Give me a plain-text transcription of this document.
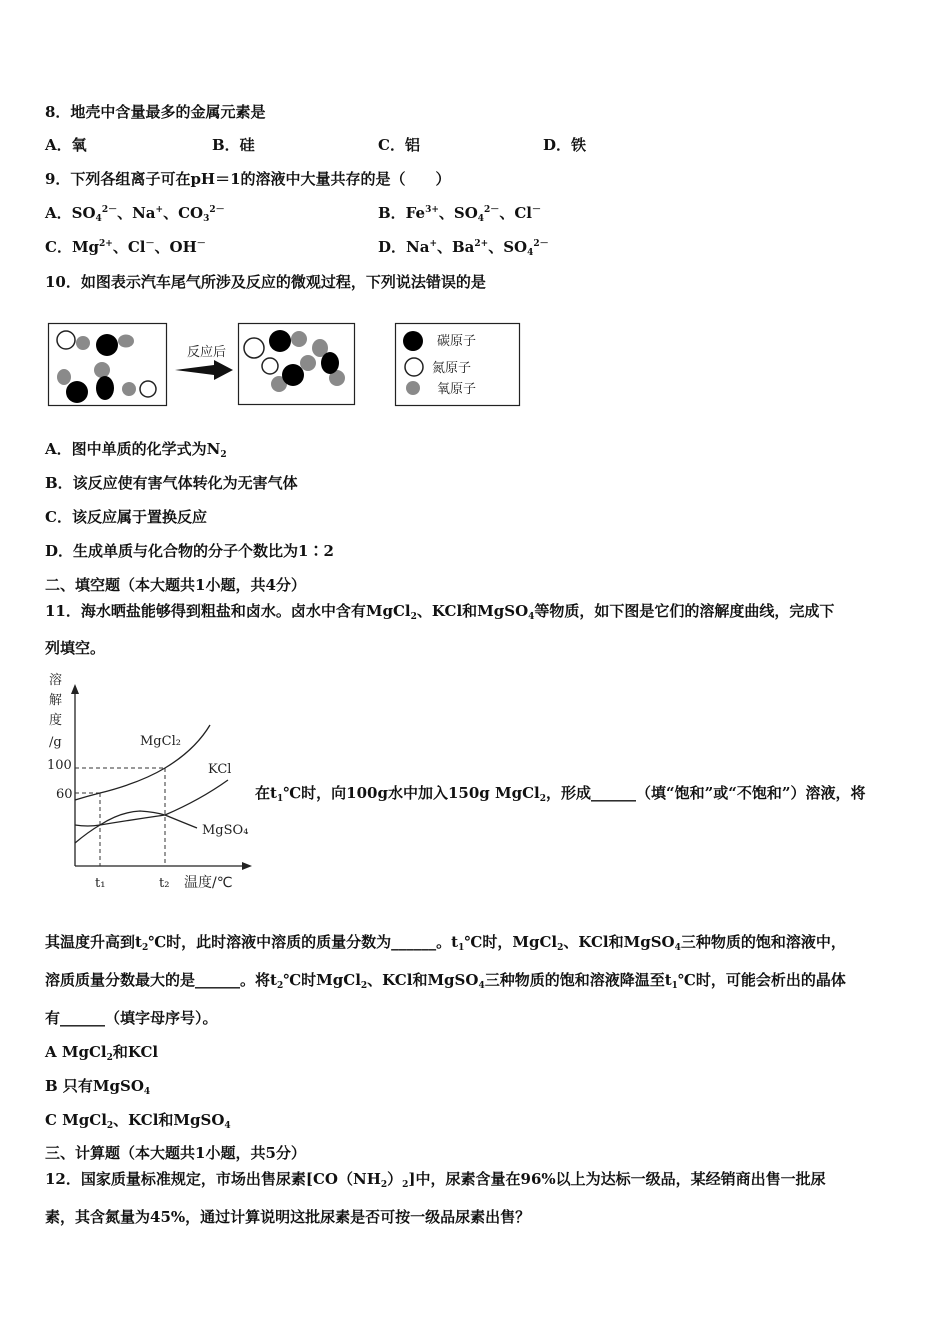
8．地壳中含量最多的金属元素是
A．氧	B．硅	C．铝	D．铁
9．下列各组离子可在pH＝1的溶液中大量共存的是（　　）
A．$SO_4^{2-}$、Na+、$CO_3^{2-}$	B．$Fe^{3+}$、$SO_4^{2-}$、Cl－
C．$Mg^{2+}$、Cl－、OH－	D．Na+、$Ba^{2+}$、$SO_4^{2-}$
10．如图表示汽车尾气所涉及反应的微观过程，下列说法错误的是
反应后
碳原子
氮原子
氧原子
A．图中单质的化学式为$N_2$
B．该反应使有害气体转化为无害气体
C．该反应属于置换反应
D．生成单质与化合物的分子个数比为1∶2
二、填空题（本大题共1小题，共4分）
11．海水晒盐能够得到粗盐和卤水。卤水中含有MgCl$_2$、KCl和MgSO$_4$等物质，如下图是它们的溶解度曲线，完成下
列填空。
MgCl₂
KCl
MgSO₄
溶
解
度
/g
100
60
t₁	t₂ 温度/℃
在$t_1℃$时，向100g水中加入150g MgCl$_2$，形成______（填“饱和”或“不饱和”）溶液，将
其温度升高到$t_2℃$时，此时溶液中溶质的质量分数为______。$t_1℃$时，MgCl$_2$、KCl和MgSO$_4$三种物质的饱和溶液中，
溶质质量分数最大的是______。将$t_2℃$时MgCl$_2$、KCl和MgSO$_4$三种物质的饱和溶液降温至$t_1℃$时，可能会析出的晶体
有______（填字母序号）。
A MgCl$_2$和KCl
B 只有MgSO$_4$
C MgCl$_2$、KCl和MgSO$_4$
三、计算题（本大题共1小题，共5分）
12．国家质量标准规定，市场出售尿素$[CO(NH_2)_2]$中，尿素含量在96%以上为达标一级品，某经销商出售一批尿
素，其含氮量为45%，通过计算说明这批尿素是否可按一级品尿素出售？
